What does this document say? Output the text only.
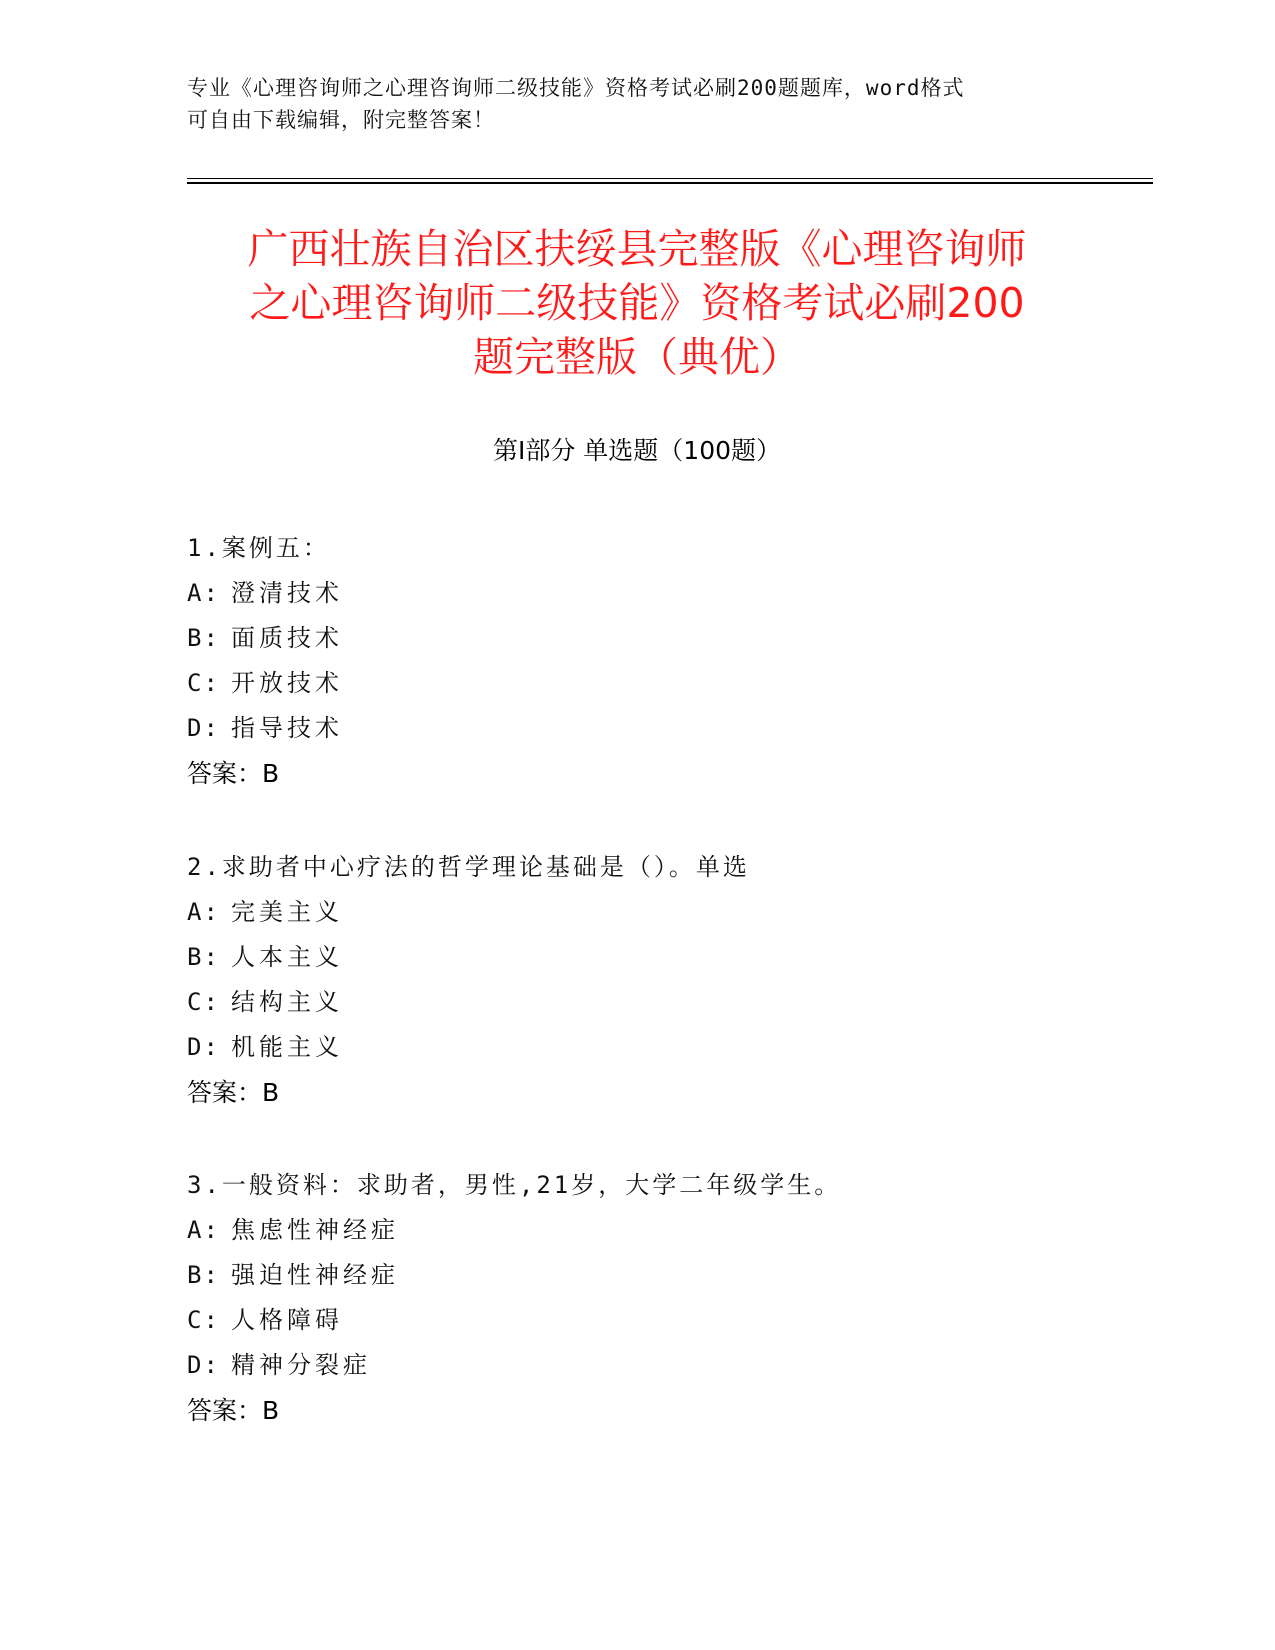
专业《心理咨询师之心理咨询师二级技能》资格考试必刷200题题库，word格式
可自由下载编辑，附完整答案！
广西壮族自治区扶绥县完整版《心理咨询师
之心理咨询师二级技能》资格考试必刷200
题完整版（典优）
第Ⅰ部分 单选题（100题）
1.案例五：
A: 澄清技术
B: 面质技术
C: 开放技术
D: 指导技术
答案：B
2.求助者中心疗法的哲学理论基础是（）。单选
A: 完美主义
B: 人本主义
C: 结构主义
D: 机能主义
答案：B
3.一般资料：求助者，男性,21岁，大学二年级学生。
A: 焦虑性神经症
B: 强迫性神经症
C: 人格障碍
D: 精神分裂症
答案：B
